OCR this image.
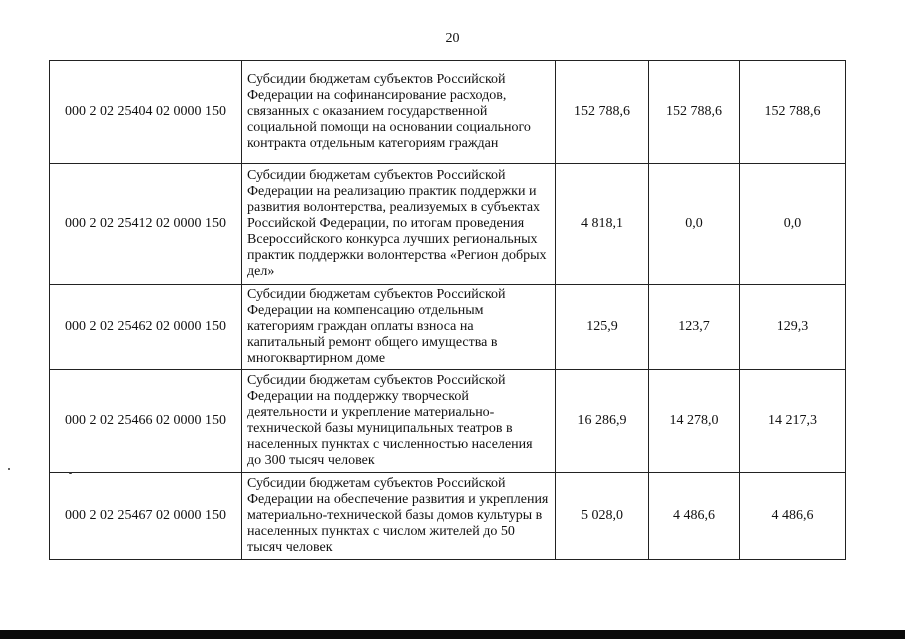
20
000 2 02 25404 02 0000 150	Субсидии бюджетам субъектов Российской Федерации на софинансирование расходов, связанных с оказанием государственной социальной помощи на основании социального контракта отдельным категориям граждан	152 788,6	152 788,6	152 788,6
000 2 02 25412 02 0000 150	Субсидии бюджетам субъектов Российской Федерации на реализацию практик поддержки и развития волонтерства, реализуемых в субъектах Российской Федерации, по итогам проведения Всероссийского конкурса лучших региональных практик поддержки волонтерства «Регион добрых дел»	4 818,1	0,0	0,0
000 2 02 25462 02 0000 150	Субсидии бюджетам субъектов Российской Федерации на компенсацию отдельным категориям граждан оплаты взноса на капитальный ремонт общего имущества в многоквартирном доме	125,9	123,7	129,3
000 2 02 25466 02 0000 150	Субсидии бюджетам субъектов Российской Федерации на поддержку творческой деятельности и укрепление материально-технической базы муниципальных театров в населенных пунктах с численностью населения до 300 тысяч человек	16 286,9	14 278,0	14 217,3
000 2 02 25467 02 0000 150	Субсидии бюджетам субъектов Российской Федерации на обеспечение развития и укрепления материально-технической базы домов культуры в населенных пунктах с числом жителей до 50 тысяч человек	5 028,0	4 486,6	4 486,6
